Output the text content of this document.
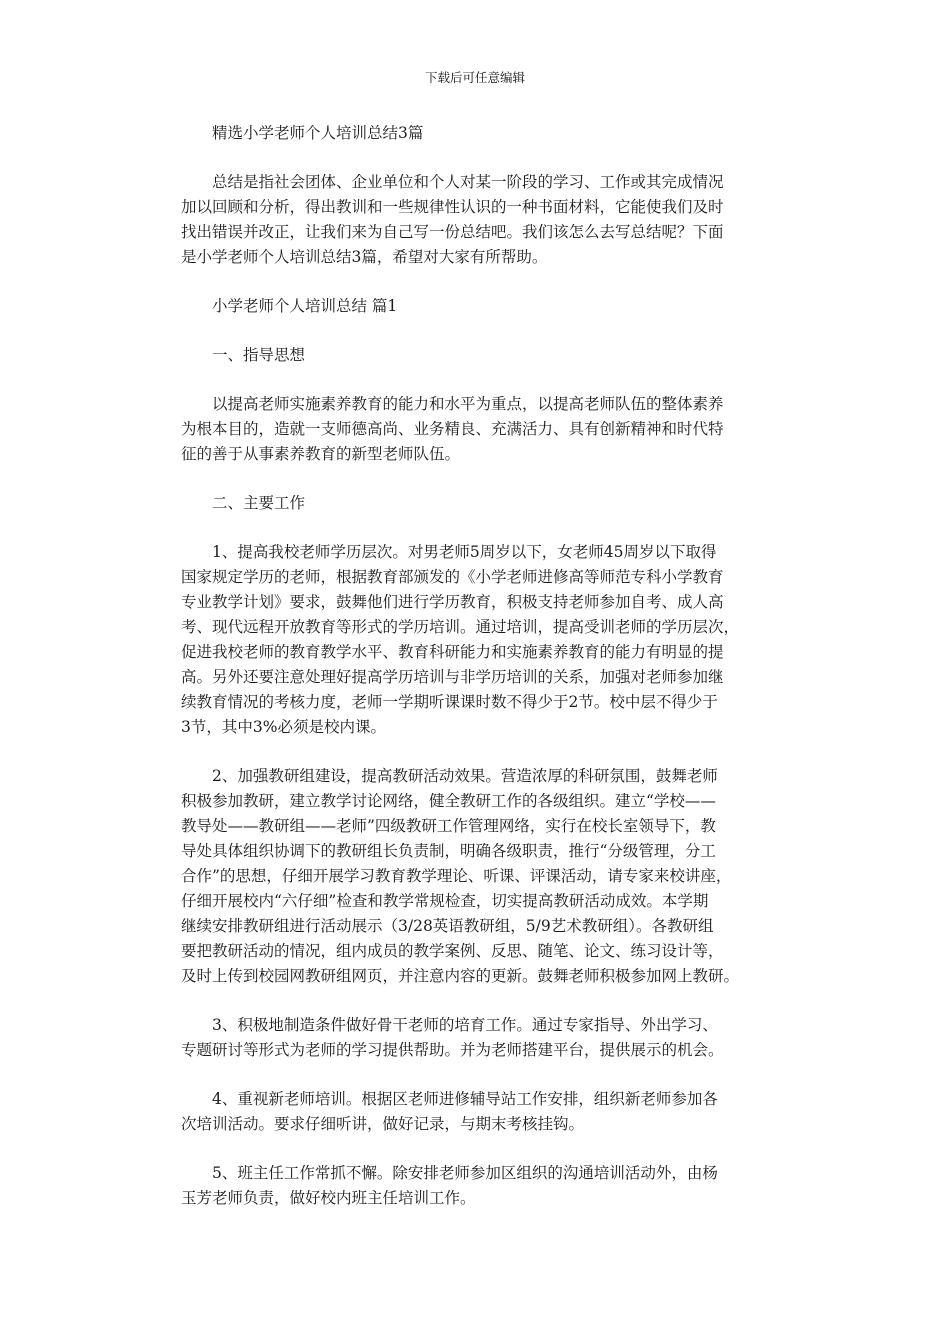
下载后可任意编辑

精选小学老师个人培训总结3篇

总结是指社会团体、企业单位和个人对某一阶段的学习、工作或其完成情况

加以回顾和分析，得出教训和一些规律性认识的一种书面材料，它能使我们及时

找出错误并改正，让我们来为自己写一份总结吧。我们该怎么去写总结呢？下面

是小学老师个人培训总结3篇，希望对大家有所帮助。

小学老师个人培训总结 篇1

一、指导思想

以提高老师实施素养教育的能力和水平为重点，以提高老师队伍的整体素养

为根本目的，造就一支师德高尚、业务精良、充满活力、具有创新精神和时代特

征的善于从事素养教育的新型老师队伍。

二、主要工作

1、提高我校老师学历层次。对男老师5周岁以下，女老师45周岁以下取得

国家规定学历的老师，根据教育部颁发的《小学老师进修高等师范专科小学教育

专业教学计划》要求，鼓舞他们进行学历教育，积极支持老师参加自考、成人高

考、现代远程开放教育等形式的学历培训。通过培训，提高受训老师的学历层次，

促进我校老师的教育教学水平、教育科研能力和实施素养教育的能力有明显的提

高。另外还要注意处理好提高学历培训与非学历培训的关系，加强对老师参加继

续教育情况的考核力度，老师一学期听课课时数不得少于2节。校中层不得少于

3节，其中3%必须是校内课。

2、加强教研组建设，提高教研活动效果。营造浓厚的科研氛围，鼓舞老师

积极参加教研，建立教学讨论网络，健全教研工作的各级组织。建立“学校——

教导处——教研组——老师”四级教研工作管理网络，实行在校长室领导下，教

导处具体组织协调下的教研组长负责制，明确各级职责，推行“分级管理，分工

合作”的思想，仔细开展学习教育教学理论、听课、评课活动，请专家来校讲座，

仔细开展校内“六仔细”检查和教学常规检查，切实提高教研活动成效。本学期

继续安排教研组进行活动展示（3/28英语教研组，5/9艺术教研组）。各教研组

要把教研活动的情况，组内成员的教学案例、反思、随笔、论文、练习设计等，

及时上传到校园网教研组网页，并注意内容的更新。鼓舞老师积极参加网上教研。

3、积极地制造条件做好骨干老师的培育工作。通过专家指导、外出学习、

专题研讨等形式为老师的学习提供帮助。并为老师搭建平台，提供展示的机会。

4、重视新老师培训。根据区老师进修辅导站工作安排，组织新老师参加各

次培训活动。要求仔细听讲，做好记录，与期末考核挂钩。

5、班主任工作常抓不懈。除安排老师参加区组织的沟通培训活动外，由杨

玉芳老师负责，做好校内班主任培训工作。
